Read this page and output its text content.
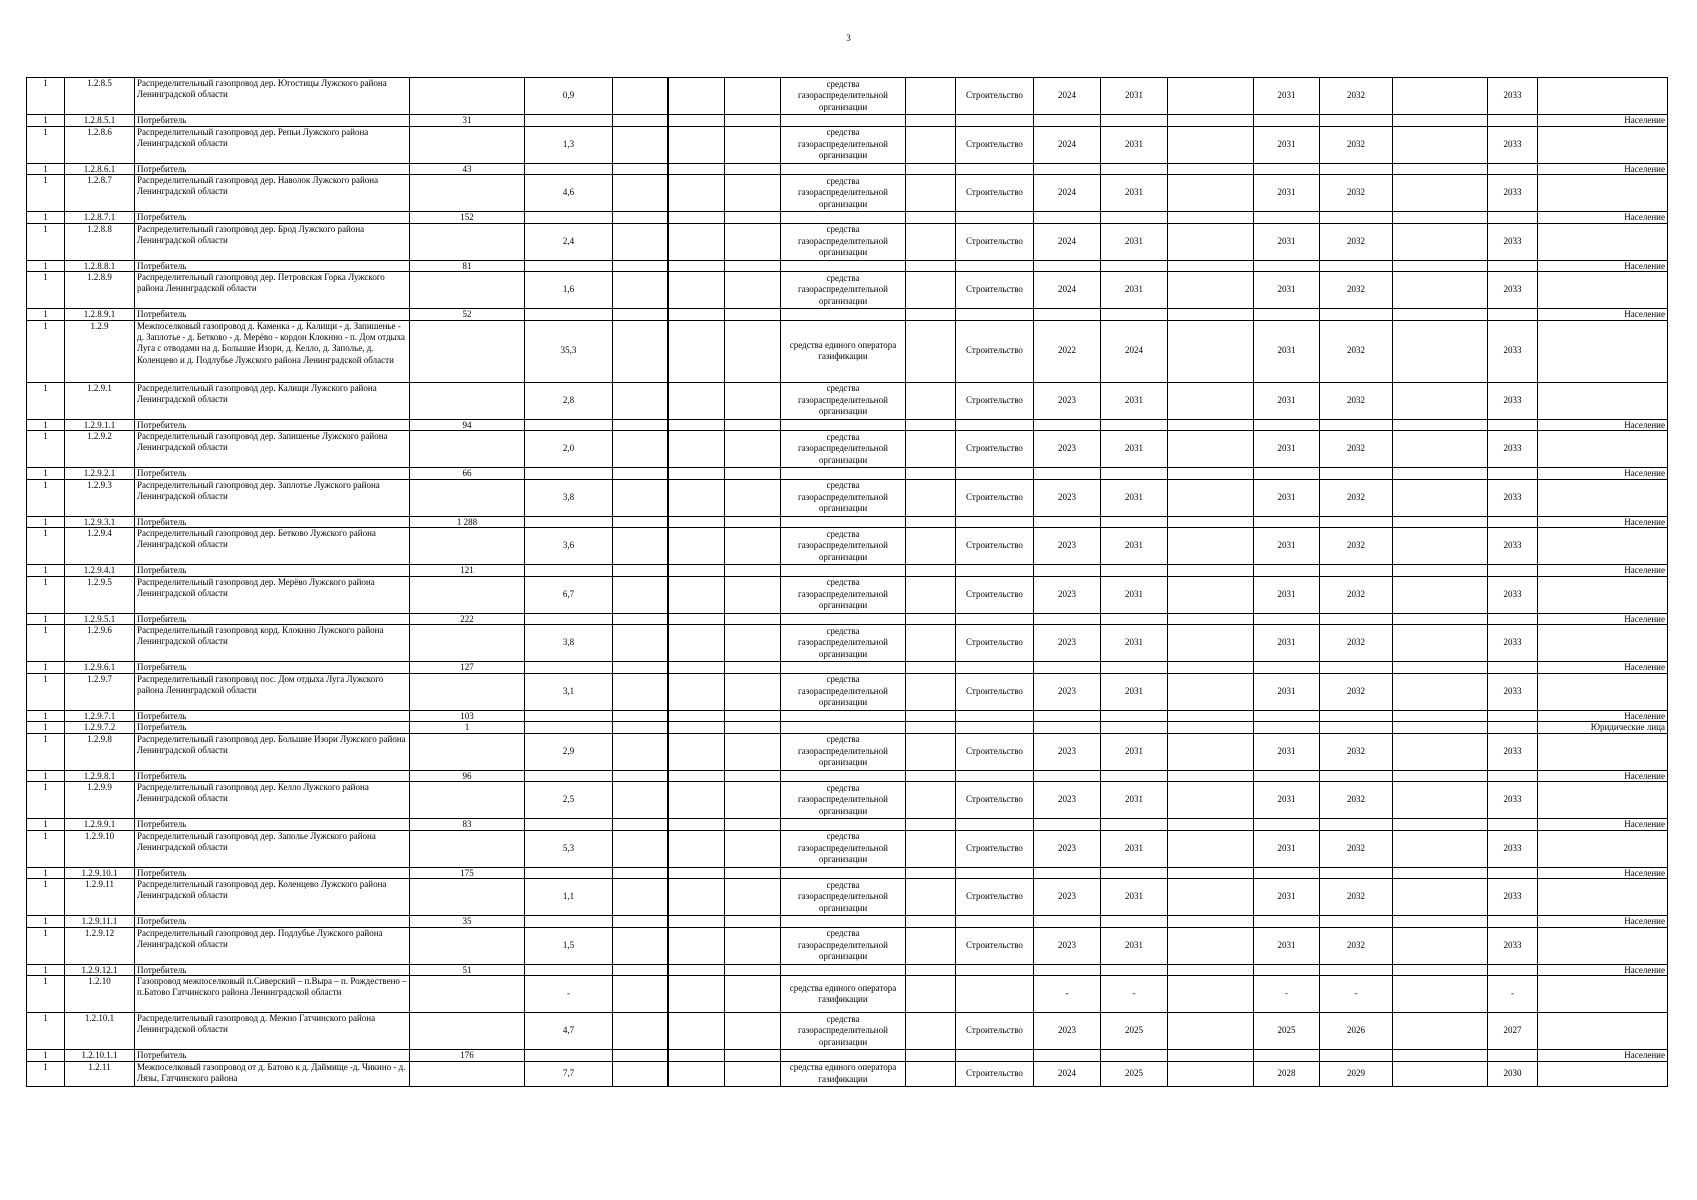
3
1	1.2.8.5	Распределительный газопровод дер. Югостицы Лужского района Ленинградской области		0,9				средства газораспределительной организации		Строительство	2024	2031		2031	2032		2033	
1	1.2.8.5.1	Потребитель	31															Население
1	1.2.8.6	Распределительный газопровод дер. Репьи Лужского района Ленинградской области		1,3				средства газораспределительной организации		Строительство	2024	2031		2031	2032		2033	
1	1.2.8.6.1	Потребитель	43															Население
1	1.2.8.7	Распределительный газопровод дер. Наволок Лужского района Ленинградской области		4,6				средства газораспределительной организации		Строительство	2024	2031		2031	2032		2033	
1	1.2.8.7.1	Потребитель	152															Население
1	1.2.8.8	Распределительный газопровод дер. Брод Лужского района Ленинградской области		2,4				средства газораспределительной организации		Строительство	2024	2031		2031	2032		2033	
1	1.2.8.8.1	Потребитель	81															Население
1	1.2.8.9	Распределительный газопровод дер. Петровская Горка Лужского района Ленинградской области		1,6				средства газораспределительной организации		Строительство	2024	2031		2031	2032		2033	
1	1.2.8.9.1	Потребитель	52															Население
1	1.2.9	Межпоселковый газопровод д. Каменка - д. Калищи - д. Запишенье - д. Заплотье - д. Бетково - д. Мерёво - кордон Клокнно - п. Дом отдыха Луга с отводами на д. Большие Изори, д. Келло, д. Заполье, д. Коленцево и д. Подлубье Лужского района Ленинградской области		35,3				средства единого оператора газификации		Строительство	2022	2024		2031	2032		2033	
1	1.2.9.1	Распределительный газопровод дер. Калищи Лужского района Ленинградской области		2,8				средства газораспределительной организации		Строительство	2023	2031		2031	2032		2033	
1	1.2.9.1.1	Потребитель	94															Население
1	1.2.9.2	Распределительный газопровод дер. Запишенье Лужского района Ленинградской области		2,0				средства газораспределительной организации		Строительство	2023	2031		2031	2032		2033	
1	1.2.9.2.1	Потребитель	66															Население
1	1.2.9.3	Распределительный газопровод дер. Заплотье Лужского района Ленинградской области		3,8				средства газораспределительной организации		Строительство	2023	2031		2031	2032		2033	
1	1.2.9.3.1	Потребитель	1 288															Население
1	1.2.9.4	Распределительный газопровод дер. Бетково Лужского района Ленинградской области		3,6				средства газораспределительной организации		Строительство	2023	2031		2031	2032		2033	
1	1.2.9.4.1	Потребитель	121															Население
1	1.2.9.5	Распределительный газопровод дер. Мерёво Лужского района Ленинградской области		6,7				средства газораспределительной организации		Строительство	2023	2031		2031	2032		2033	
1	1.2.9.5.1	Потребитель	222															Население
1	1.2.9.6	Распределительный газопровод корд. Клокнно Лужского района Ленинградской области		3,8				средства газораспределительной организации		Строительство	2023	2031		2031	2032		2033	
1	1.2.9.6.1	Потребитель	127															Население
1	1.2.9.7	Распределительный газопровод пос. Дом отдыха Луга Лужского района Ленинградской области		3,1				средства газораспределительной организации		Строительство	2023	2031		2031	2032		2033	
1	1.2.9.7.1	Потребитель	103															Население
1	1.2.9.7.2	Потребитель	1															Юридические лица
1	1.2.9.8	Распределительный газопровод дер. Большие Изори Лужского района Ленинградской области		2,9				средства газораспределительной организации		Строительство	2023	2031		2031	2032		2033	
1	1.2.9.8.1	Потребитель	96															Население
1	1.2.9.9	Распределительный газопровод дер. Келло Лужского района Ленинградской области		2,5				средства газораспределительной организации		Строительство	2023	2031		2031	2032		2033	
1	1.2.9.9.1	Потребитель	83															Население
1	1.2.9.10	Распределительный газопровод дер. Заполье Лужского района Ленинградской области		5,3				средства газораспределительной организации		Строительство	2023	2031		2031	2032		2033	
1	1.2.9.10.1	Потребитель	175															Население
1	1.2.9.11	Распределительный газопровод дер. Коленцево Лужского района Ленинградской области		1,1				средства газораспределительной организации		Строительство	2023	2031		2031	2032		2033	
1	1.2.9.11.1	Потребитель	35															Население
1	1.2.9.12	Распределительный газопровод дер. Подлубье Лужского района Ленинградской области		1,5				средства газораспределительной организации		Строительство	2023	2031		2031	2032		2033	
1	1.2.9.12.1	Потребитель	51															Население
1	1.2.10	Газопровод межпоселковый п.Сиверский – п.Вырa – п. Рождествено – п.Батово Гатчинского района Ленинградской области		-				средства единого оператора газификации			-	-		-	-		-	
1	1.2.10.1	Распределительный газопровод д. Межно Гатчинского района Ленинградской области		4,7				средства газораспределительной организации		Строительство	2023	2025		2025	2026		2027	
1	1.2.10.1.1	Потребитель	176															Население
1	1.2.11	Межпоселковый газопровод от д. Батово к д. Даймище -д. Чикино - д. Лязы, Гатчинского района		7,7				средства единого оператора газификации		Строительство	2024	2025		2028	2029		2030	
